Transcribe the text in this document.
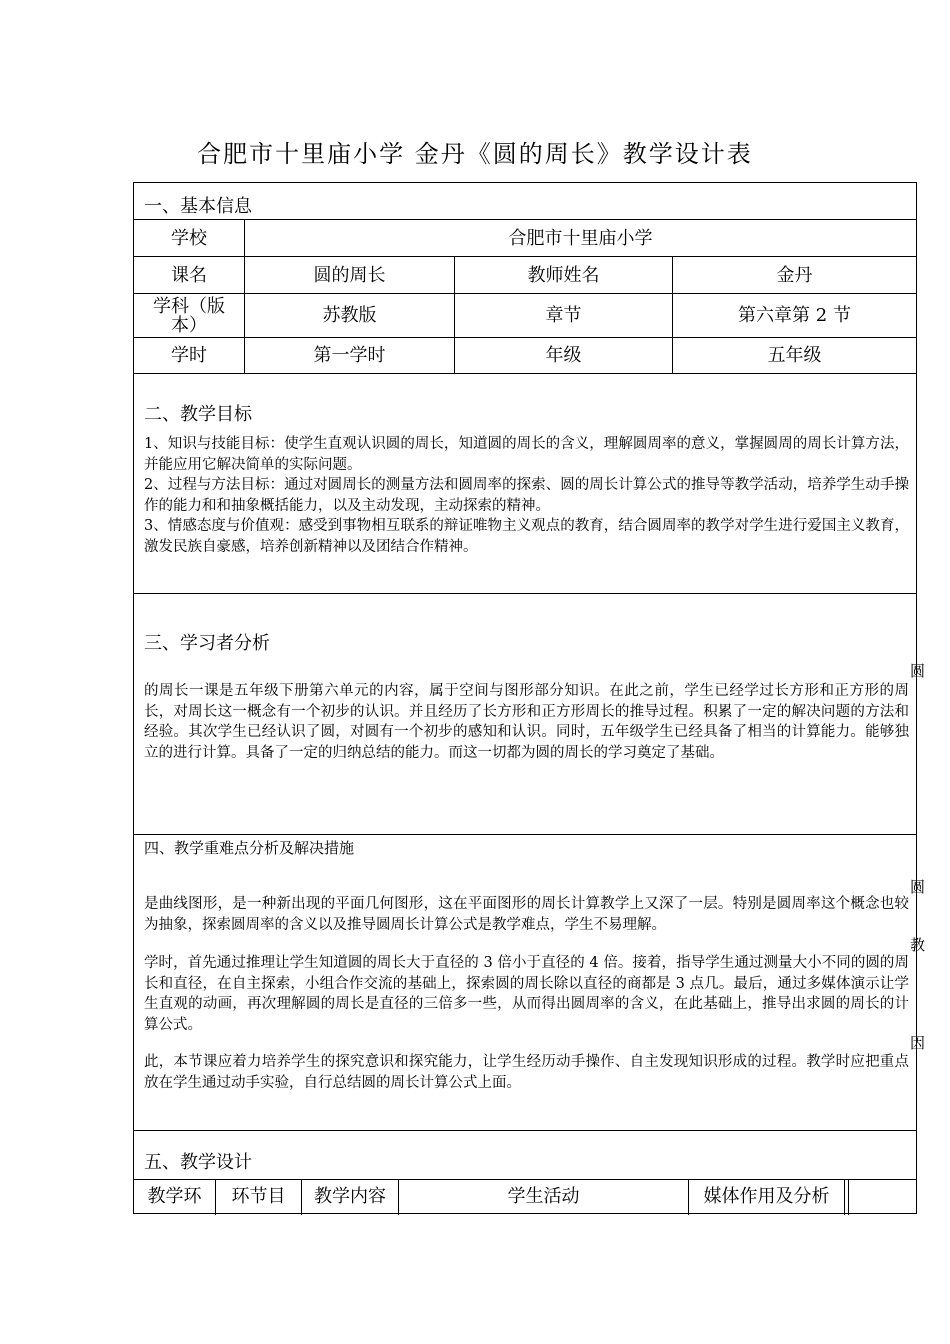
合肥市十里庙小学 金丹《圆的周长》教学设计表
一、基本信息
学校	合肥市十里庙小学
课名	圆的周长	教师姓名	金丹
学科（版本）	苏教版	章节	第六章第 2 节
学时	第一学时	年级	五年级
二、教学目标
1、知识与技能目标：使学生直观认识圆的周长，知道圆的周长的含义，理解圆周率的意义，掌握圆周的周长计算方法，并能应用它解决简单的实际问题。
2、过程与方法目标：通过对圆周长的测量方法和圆周率的探索、圆的周长计算公式的推导等教学活动，培养学生动手操作的能力和和抽象概括能力，以及主动发现，主动探索的精神。
3、情感态度与价值观：感受到事物相互联系的辩证唯物主义观点的教育，结合圆周率的教学对学生进行爱国主义教育，激发民族自豪感，培养创新精神以及团结合作精神。
三、学习者分析
的周长一课是五年级下册第六单元的内容，属于空间与图形部分知识。在此之前，学生已经学过长方形和正方形的周长，对周长这一概念有一个初步的认识。并且经历了长方形和正方形周长的推导过程。积累了一定的解决问题的方法和经验。其次学生已经认识了圆，对圆有一个初步的感知和认识。同时，五年级学生已经具备了相当的计算能力。能够独立的进行计算。具备了一定的归纳总结的能力。而这一切都为圆的周长的学习奠定了基础。
四、教学重难点分析及解决措施
是曲线图形，是一种新出现的平面几何图形，这在平面图形的周长计算教学上又深了一层。特别是圆周率这个概念也较为抽象，探索圆周率的含义以及推导圆周长计算公式是教学难点，学生不易理解。
学时，首先通过推理让学生知道圆的周长大于直径的 3 倍小于直径的 4 倍。接着，指导学生通过测量大小不同的圆的周长和直径，在自主探索，小组合作交流的基础上，探索圆的周长除以直径的商都是 3 点几。最后，通过多媒体演示让学生直观的动画，再次理解圆的周长是直径的三倍多一些，从而得出圆周率的含义，在此基础上，推导出求圆的周长的计算公式。
此，本节课应着力培养学生的探究意识和探究能力，让学生经历动手操作、自主发现知识形成的过程。教学时应把重点放在学生通过动手实验，自行总结圆的周长计算公式上面。
五、教学设计
教学环	环节目	教学内容	学生活动	媒体作用及分析
圆
圆
教
因
